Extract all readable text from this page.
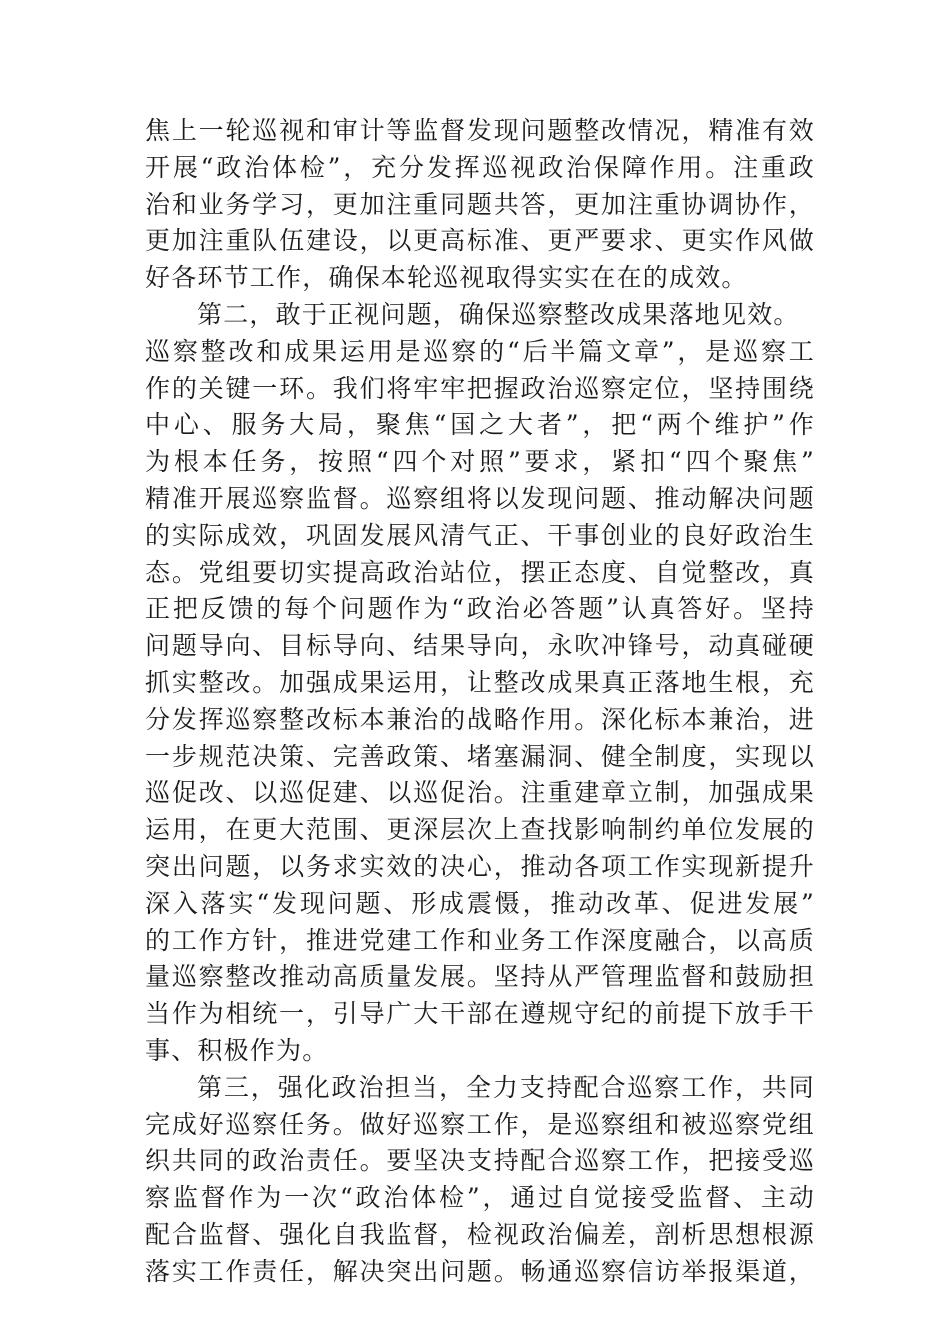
焦上一轮巡视和审计等监督发现问题整改情况，精准有效
开展“政治体检”，充分发挥巡视政治保障作用。注重政
治和业务学习，更加注重同题共答，更加注重协调协作，
更加注重队伍建设，以更高标准、更严要求、更实作风做
好各环节工作，确保本轮巡视取得实实在在的成效。
第二，敢于正视问题，确保巡察整改成果落地见效。
巡察整改和成果运用是巡察的“后半篇文章”，是巡察工
作的关键一环。我们将牢牢把握政治巡察定位，坚持围绕
中心、服务大局，聚焦“国之大者”，把“两个维护”作
为根本任务，按照“四个对照”要求，紧扣“四个聚焦”
精准开展巡察监督。巡察组将以发现问题、推动解决问题
的实际成效，巩固发展风清气正、干事创业的良好政治生
态。党组要切实提高政治站位，摆正态度、自觉整改，真
正把反馈的每个问题作为“政治必答题”认真答好。坚持
问题导向、目标导向、结果导向，永吹冲锋号，动真碰硬
抓实整改。加强成果运用，让整改成果真正落地生根，充
分发挥巡察整改标本兼治的战略作用。深化标本兼治，进
一步规范决策、完善政策、堵塞漏洞、健全制度，实现以
巡促改、以巡促建、以巡促治。注重建章立制，加强成果
运用，在更大范围、更深层次上查找影响制约单位发展的
突出问题，以务求实效的决心，推动各项工作实现新提升
深入落实“发现问题、形成震慑，推动改革、促进发展”
的工作方针，推进党建工作和业务工作深度融合，以高质
量巡察整改推动高质量发展。坚持从严管理监督和鼓励担
当作为相统一，引导广大干部在遵规守纪的前提下放手干
事、积极作为。
第三，强化政治担当，全力支持配合巡察工作，共同
完成好巡察任务。做好巡察工作，是巡察组和被巡察党组
织共同的政治责任。要坚决支持配合巡察工作，把接受巡
察监督作为一次“政治体检”，通过自觉接受监督、主动
配合监督、强化自我监督，检视政治偏差，剖析思想根源
落实工作责任，解决突出问题。畅通巡察信访举报渠道，
